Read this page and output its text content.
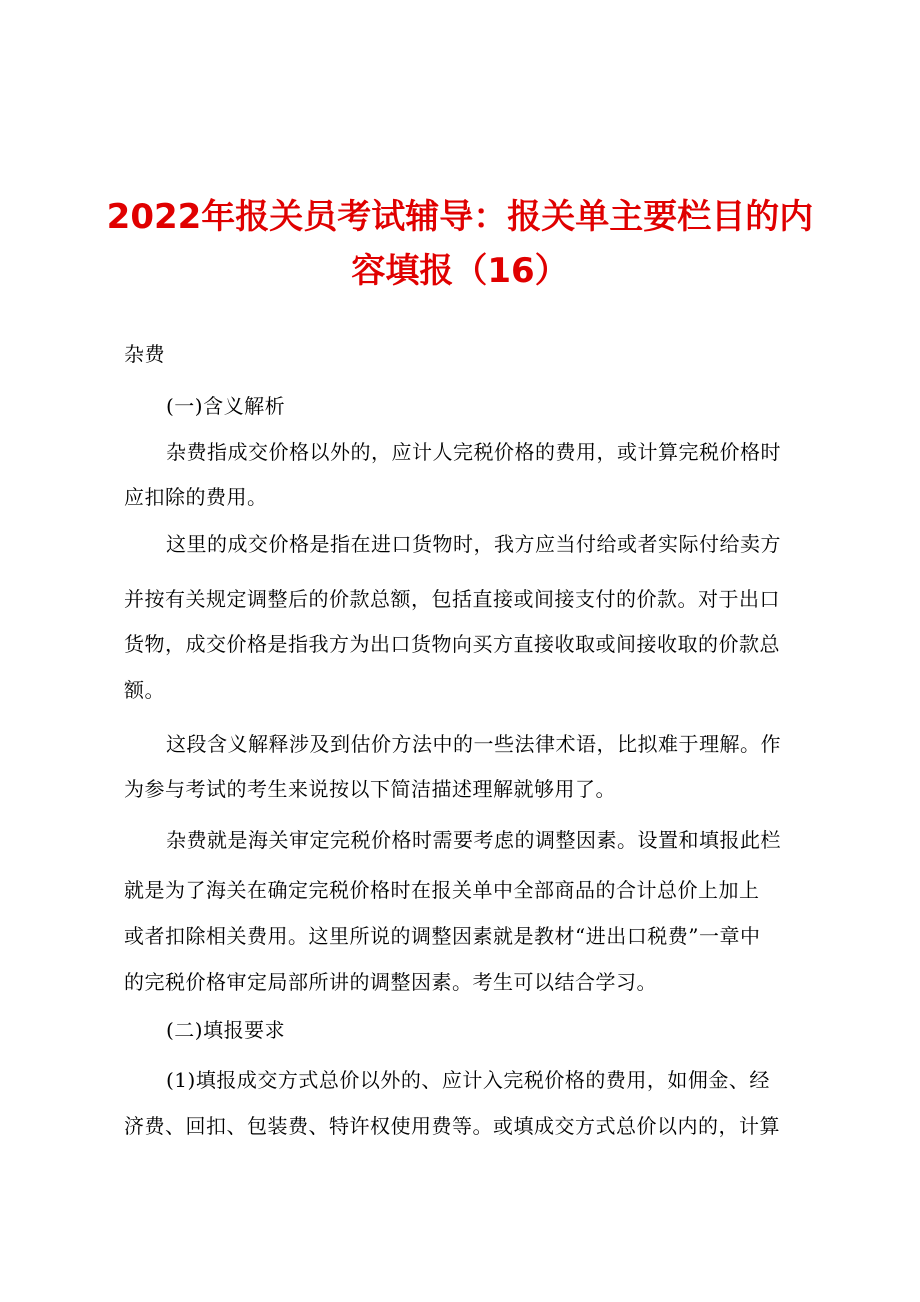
2022年报关员考试辅导：报关单主要栏目的内
容填报（16）
杂费
(一)含义解析
杂费指成交价格以外的，应计人完税价格的费用，或计算完税价格时
应扣除的费用。
这里的成交价格是指在进口货物时，我方应当付给或者实际付给卖方
并按有关规定调整后的价款总额，包括直接或间接支付的价款。对于出口
货物，成交价格是指我方为出口货物向买方直接收取或间接收取的价款总
额。
这段含义解释涉及到估价方法中的一些法律术语，比拟难于理解。作
为参与考试的考生来说按以下简洁描述理解就够用了。
杂费就是海关审定完税价格时需要考虑的调整因素。设置和填报此栏
就是为了海关在确定完税价格时在报关单中全部商品的合计总价上加上
或者扣除相关费用。这里所说的调整因素就是教材“进出口税费”一章中
的完税价格审定局部所讲的调整因素。考生可以结合学习。
(二)填报要求
(1)填报成交方式总价以外的、应计入完税价格的费用，如佣金、经
济费、回扣、包装费、特许权使用费等。或填成交方式总价以内的，计算
